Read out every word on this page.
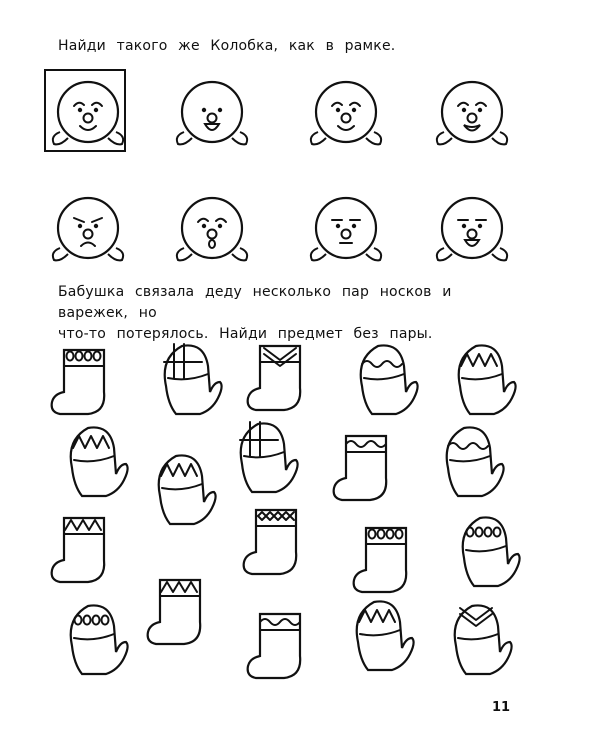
Найди такого же Колобка, как в рамке.
Бабушка связала деду несколько пар носков и варежек, но
что-то потерялось. Найди предмет без пары.
11
